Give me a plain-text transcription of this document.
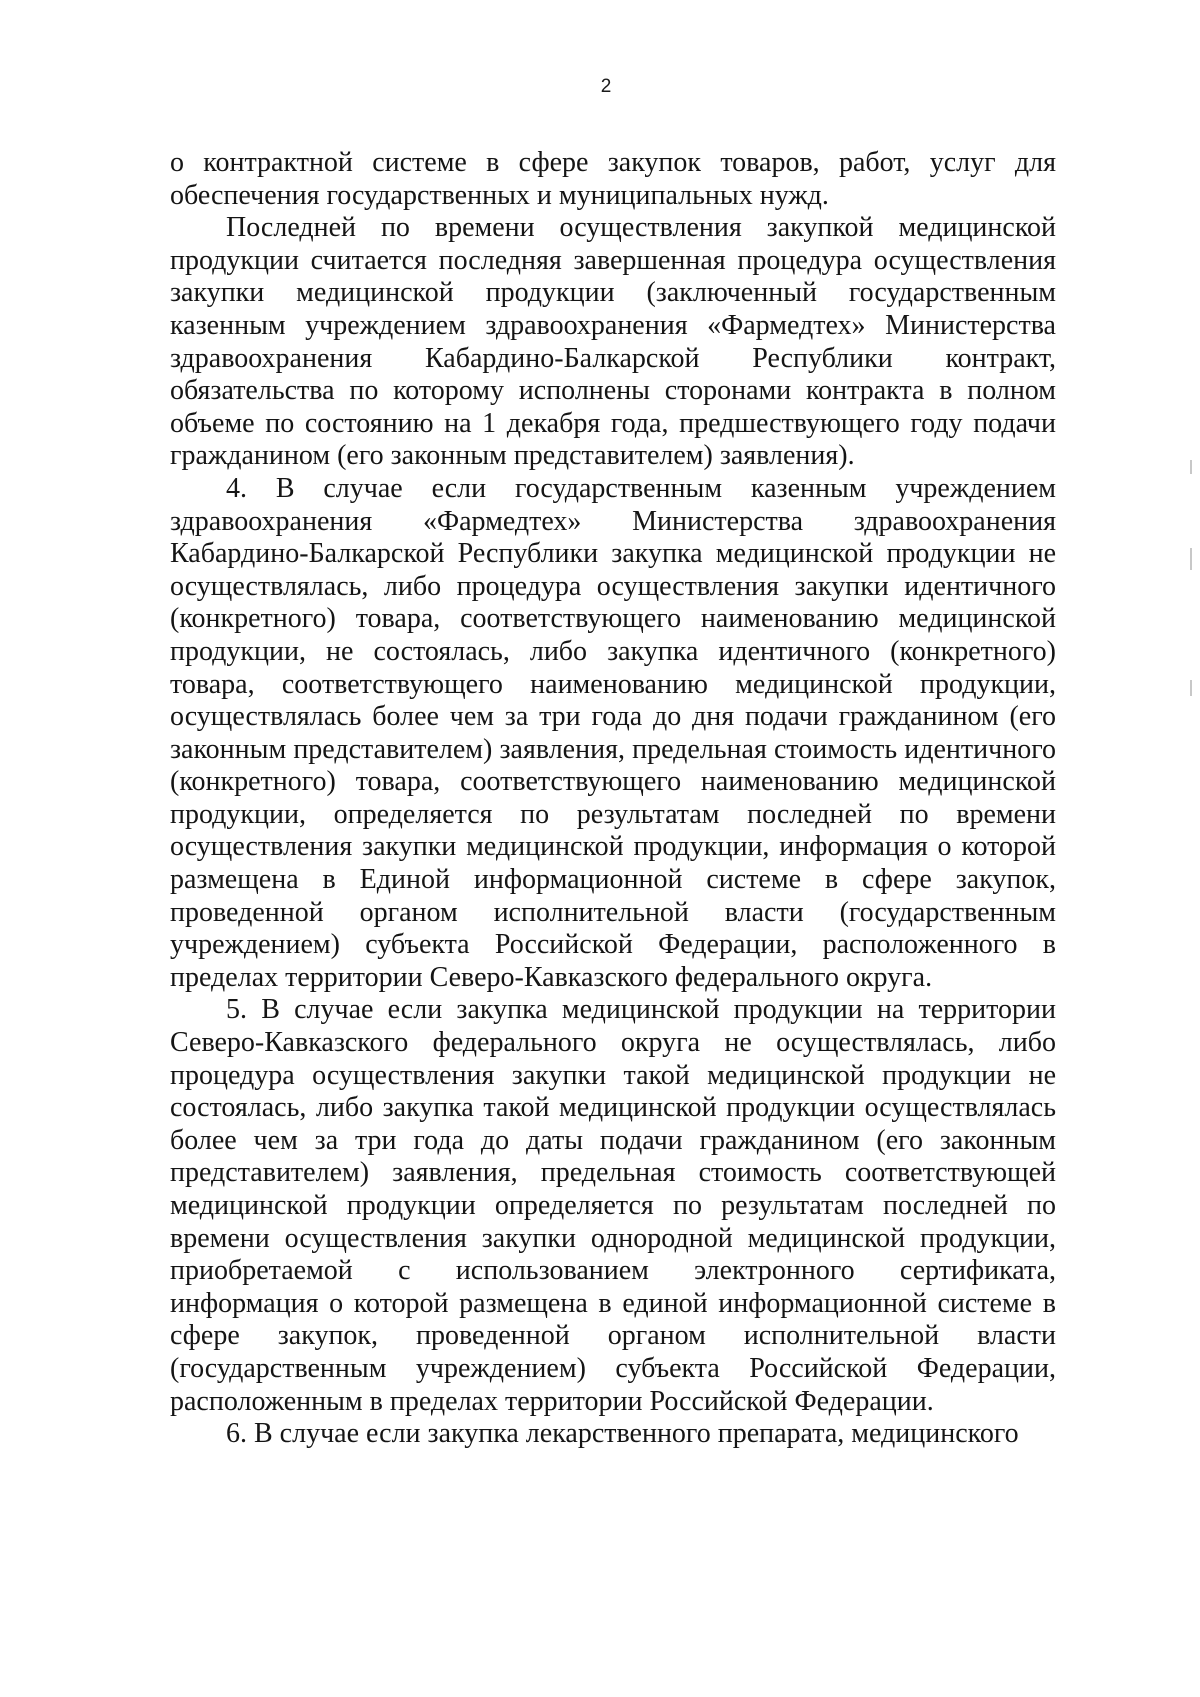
2

о контрактной системе в сфере закупок товаров, работ, услуг для обеспечения государственных и муниципальных нужд.

Последней по времени осуществления закупкой медицинской продукции считается последняя завершенная процедура осуществления закупки медицинской продукции (заключенный государственным казенным учреждением здравоохранения «Фармедтех» Министерства здравоохранения Кабардино-Балкарской Республики контракт, обязательства по которому исполнены сторонами контракта в полном объеме по состоянию на 1 декабря года, предшествующего году подачи гражданином (его законным представителем) заявления).

4. В случае если государственным казенным учреждением здравоохранения «Фармедтех» Министерства здравоохранения Кабардино-Балкарской Республики закупка медицинской продукции не осуществлялась, либо процедура осуществления закупки идентичного (конкретного) товара, соответствующего наименованию медицинской продукции, не состоялась, либо закупка идентичного (конкретного) товара, соответствующего наименованию медицинской продукции, осуществлялась более чем за три года до дня подачи гражданином (его законным представителем) заявления, предельная стоимость идентичного (конкретного) товара, соответствующего наименованию медицинской продукции, определяется по результатам последней по времени осуществления закупки медицинской продукции, информация о которой размещена в Единой информационной системе в сфере закупок, проведенной органом исполнительной власти (государственным учреждением) субъекта Российской Федерации, расположенного в пределах территории Северо-Кавказского федерального округа.

5. В случае если закупка медицинской продукции на территории Северо-Кавказского федерального округа не осуществлялась, либо процедура осуществления закупки такой медицинской продукции не состоялась, либо закупка такой медицинской продукции осуществлялась более чем за три года до даты подачи гражданином (его законным представителем) заявления, предельная стоимость соответствующей медицинской продукции определяется по результатам последней по времени осуществления закупки однородной медицинской продукции, приобретаемой с использованием электронного сертификата, информация о которой размещена в единой информационной системе в сфере закупок, проведенной органом исполнительной власти (государственным учреждением) субъекта Российской Федерации, расположенным в пределах территории Российской Федерации.

6. В случае если закупка лекарственного препарата, медицинского
